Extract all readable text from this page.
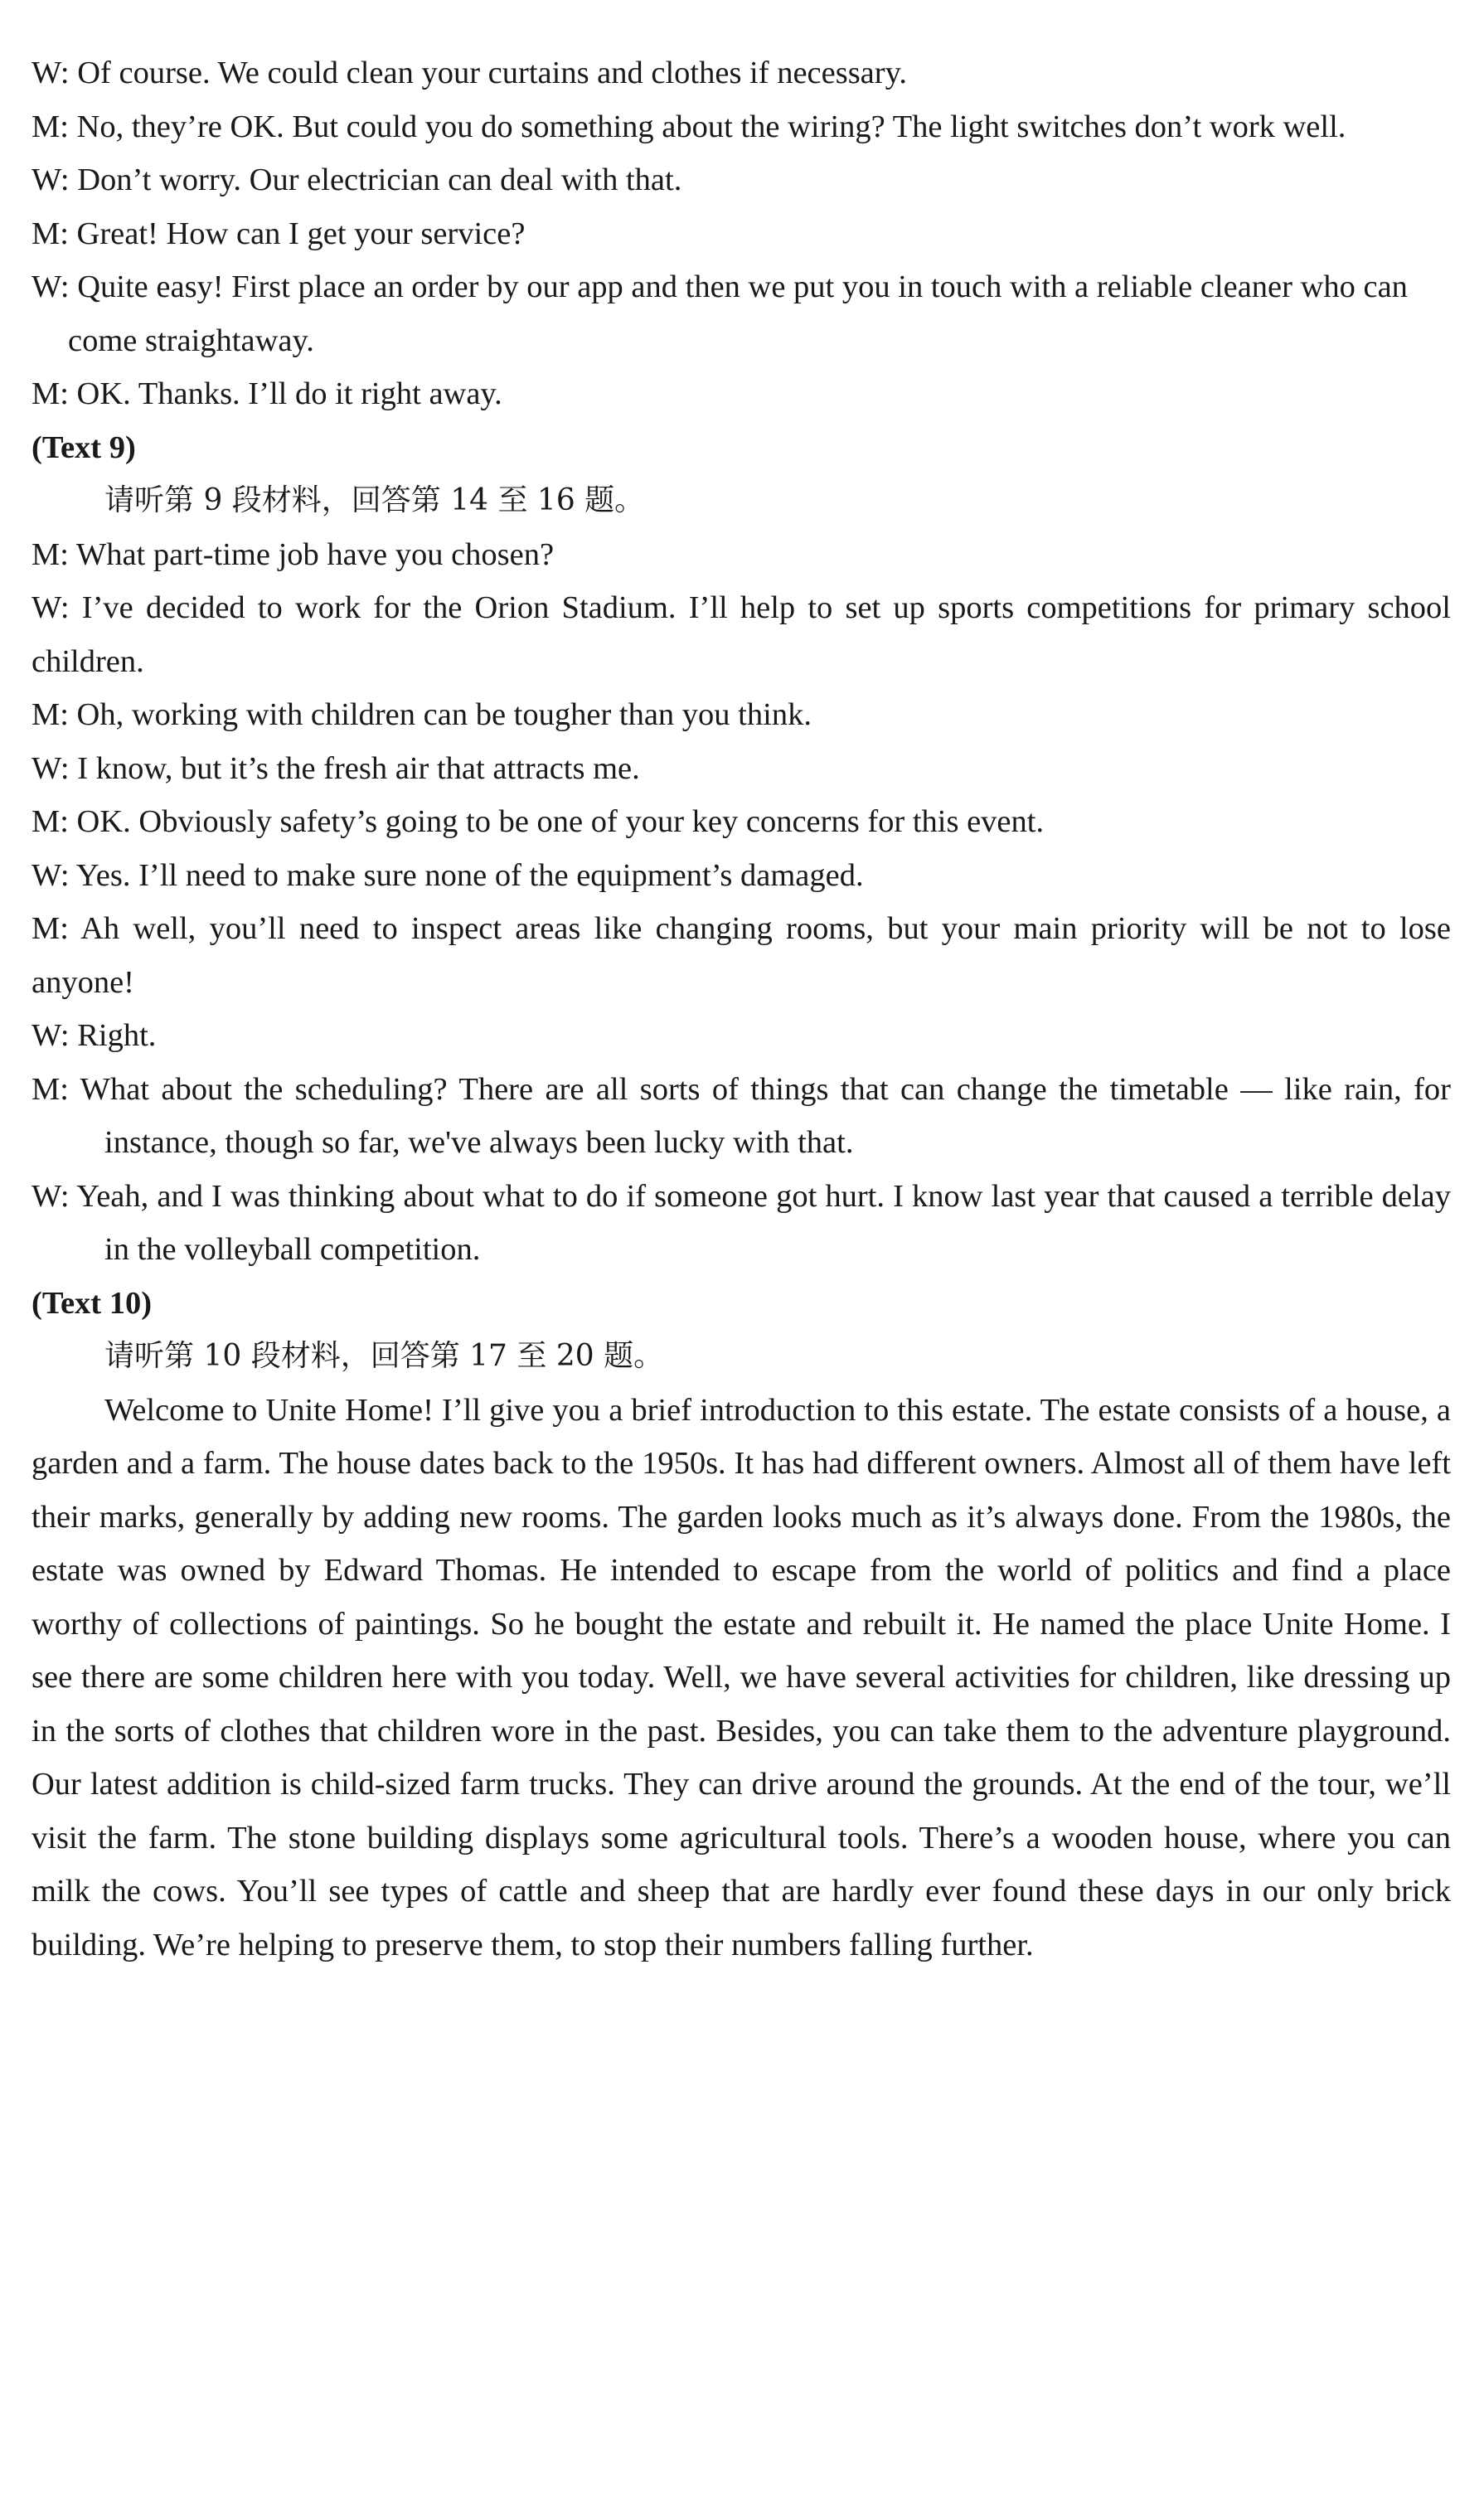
W: Of course. We could clean your curtains and clothes if necessary.

M: No, they’re OK. But could you do something about the wiring? The light switches don’t work well.

W: Don’t worry. Our electrician can deal with that.

M: Great! How can I get your service?

W: Quite easy! First place an order by our app and then we put you in touch with a reliable cleaner who can come straightaway.

M: OK. Thanks. I’ll do it right away.

(Text 9)

请听第 9 段材料，回答第 14 至 16 题。

M: What part-time job have you chosen?

W: I’ve decided to work for the Orion Stadium. I’ll help to set up sports competitions for primary school children.

M: Oh, working with children can be tougher than you think.

W: I know, but it’s the fresh air that attracts me.

M: OK. Obviously safety’s going to be one of your key concerns for this event.

W: Yes. I’ll need to make sure none of the equipment’s damaged.

M: Ah well, you’ll need to inspect areas like changing rooms, but your main priority will be not to lose anyone!

W: Right.

M: What about the scheduling? There are all sorts of things that can change the timetable — like rain, for instance, though so far, we've always been lucky with that.

W: Yeah, and I was thinking about what to do if someone got hurt. I know last year that caused a terrible delay in the volleyball competition.

(Text 10)

请听第 10 段材料，回答第 17 至 20 题。

Welcome to Unite Home! I’ll give you a brief introduction to this estate. The estate consists of a house, a garden and a farm. The house dates back to the 1950s. It has had different owners. Almost all of them have left their marks, generally by adding new rooms. The garden looks much as it’s always done. From the 1980s, the estate was owned by Edward Thomas. He intended to escape from the world of politics and find a place worthy of collections of paintings. So he bought the estate and rebuilt it. He named the place Unite Home. I see there are some children here with you today. Well, we have several activities for children, like dressing up in the sorts of clothes that children wore in the past. Besides, you can take them to the adventure playground. Our latest addition is child-sized farm trucks. They can drive around the grounds. At the end of the tour, we’ll visit the farm. The stone building displays some agricultural tools. There’s a wooden house, where you can milk the cows. You’ll see types of cattle and sheep that are hardly ever found these days in our only brick building. We’re helping to preserve them, to stop their numbers falling further.
